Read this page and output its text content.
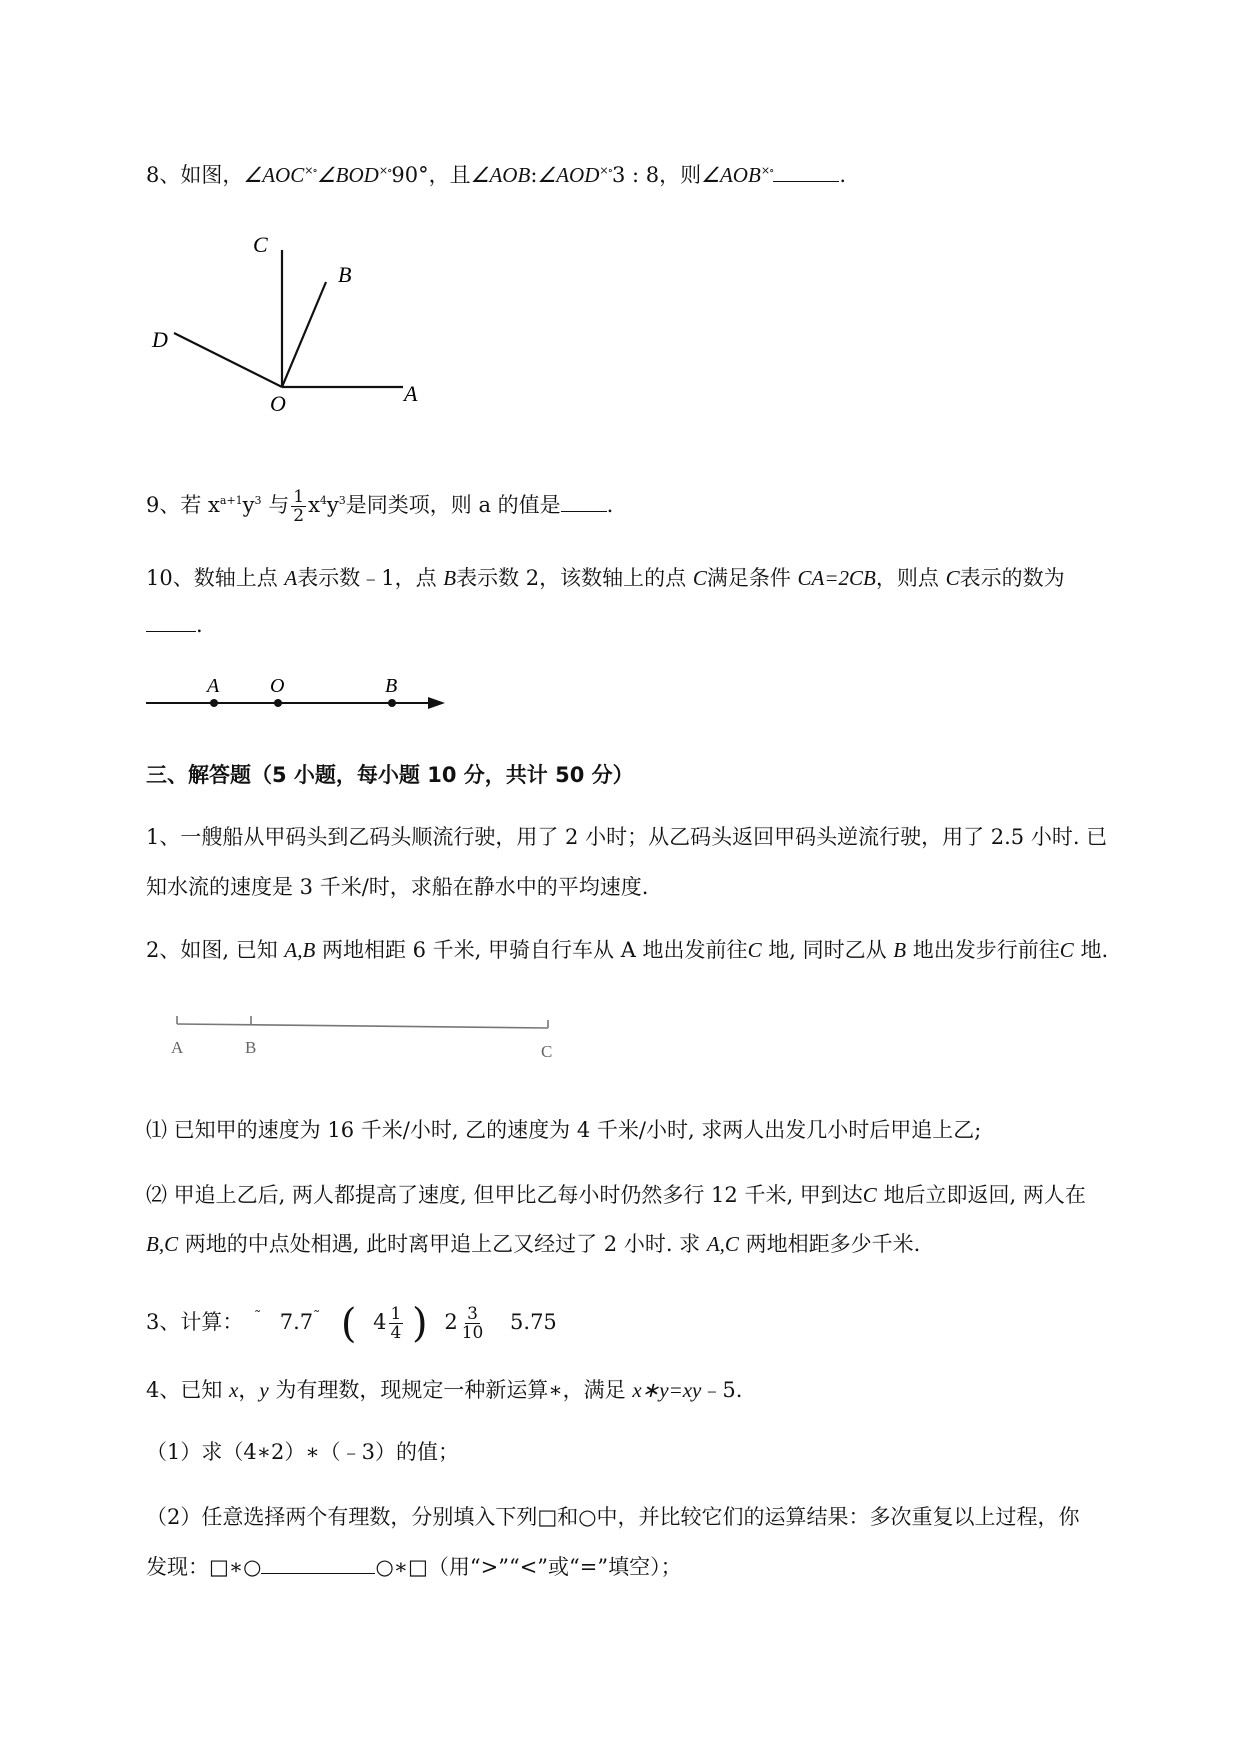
8、如图，∠AOC×∘∠BOD×∘90°，且∠AOB:∠AOD×∘3 : 8，则∠AOB×∘	.
C
B
D
O	A
9、若 $x^{a+1}y^3$ 与 $\frac{1}{2} x^4y^3$是同类项，则 a 的值是 .
10、数轴上点 A表示数﹣1，点 B表示数 2，该数轴上的点 C满足条件 CA=2CB，则点 C表示的数为
.
A	O	B
三、解答题（5 小题，每小题 10 分，共计 50 分）
1、一艘船从甲码头到乙码头顺流行驶，用了 2 小时；从乙码头返回甲码头逆流行驶，用了 2.5 小时. 已
知水流的速度是 3 千米/时，求船在静水中的平均速度.
2、如图, 已知 A,B 两地相距 6 千米, 甲骑自行车从 A 地出发前往C 地, 同时乙从 B 地出发步行前往C 地.
A	B	C
⑴ 已知甲的速度为 16 千米/小时, 乙的速度为 4 千米/小时, 求两人出发几小时后甲追上乙;
⑵ 甲追上乙后, 两人都提高了速度, 但甲比乙每小时仍然多行 12 千米, 甲到达C 地后立即返回, 两人在
B,C 两地的中点处相遇, 此时离甲追上乙又经过了 2 小时. 求 A,C 两地相距多少千米.
3、计算： ˜ 7.7˜ ( $4 \frac{1}{4}$ ) $2 \frac{3}{10} 5.75$
4、已知 x，y 为有理数，现规定一种新运算∗，满足 x∗y=xy﹣5.
（1）求（4∗2）∗（﹣3）的值；
（2）任意选择两个有理数，分别填入下列□和○中，并比较它们的运算结果：多次重复以上过程，你
发现：□∗○	○∗□（用“>”“<”或“=”填空）；
